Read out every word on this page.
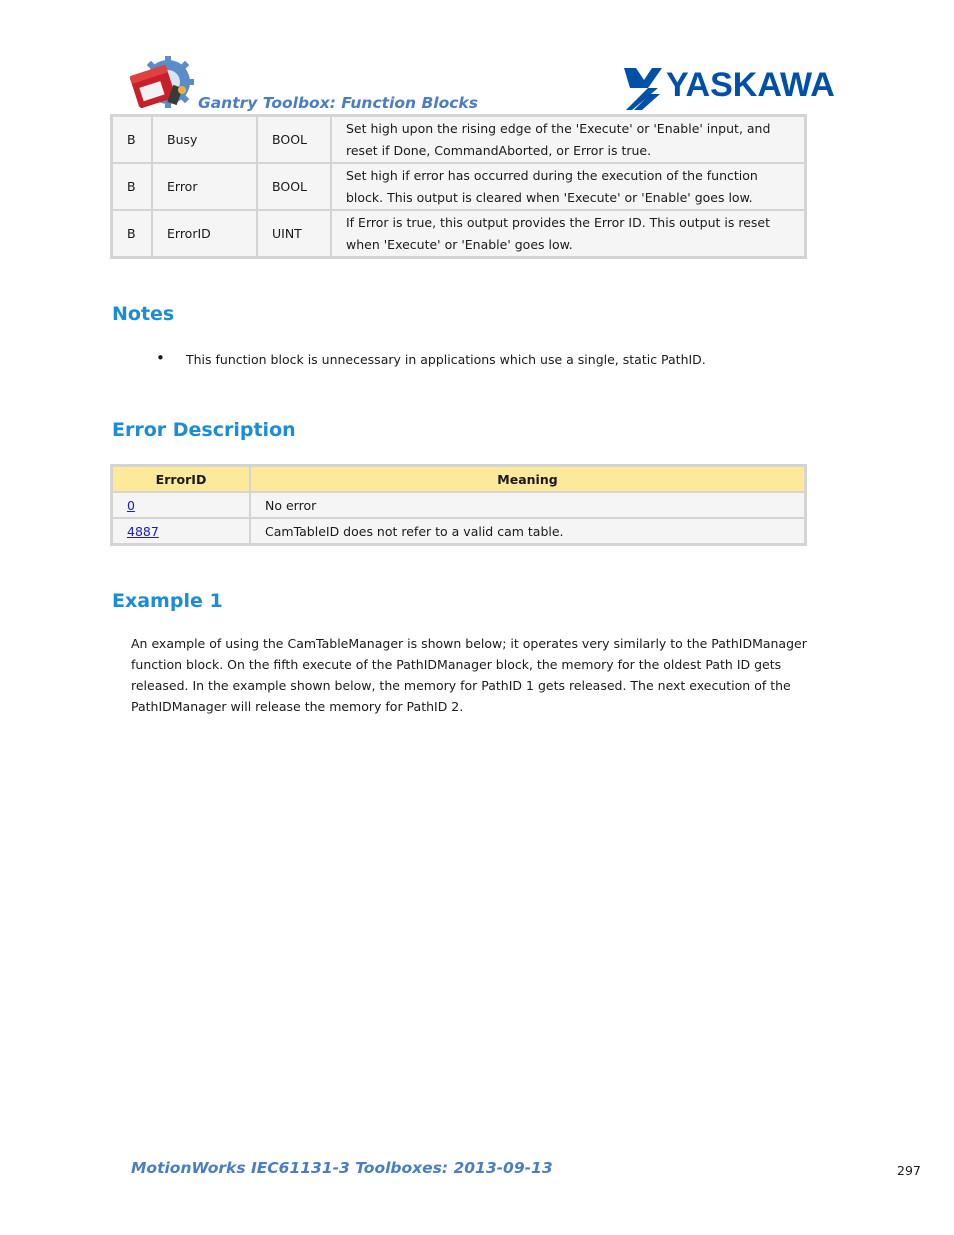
Gantry Toolbox: Function Blocks	YASKAWA
B	Busy	BOOL	Set high upon the rising edge of the 'Execute' or 'Enable' input, and reset if Done, CommandAborted, or Error is true.
B	Error	BOOL	Set high if error has occurred during the execution of the function block. This output is cleared when 'Execute' or 'Enable' goes low.
B	ErrorID	UINT	If Error is true, this output provides the Error ID. This output is reset when 'Execute' or 'Enable' goes low.
Notes
• This function block is unnecessary in applications which use a single, static PathID.
Error Description
ErrorID	Meaning
0	No error
4887	CamTableID does not refer to a valid cam table.
Example 1
An example of using the CamTableManager is shown below; it operates very similarly to the PathIDManager function block. On the fifth execute of the PathIDManager block, the memory for the oldest Path ID gets released. In the example shown below, the memory for PathID 1 gets released. The next execution of the PathIDManager will release the memory for PathID 2.
MotionWorks IEC61131-3 Toolboxes: 2013-09-13	297
